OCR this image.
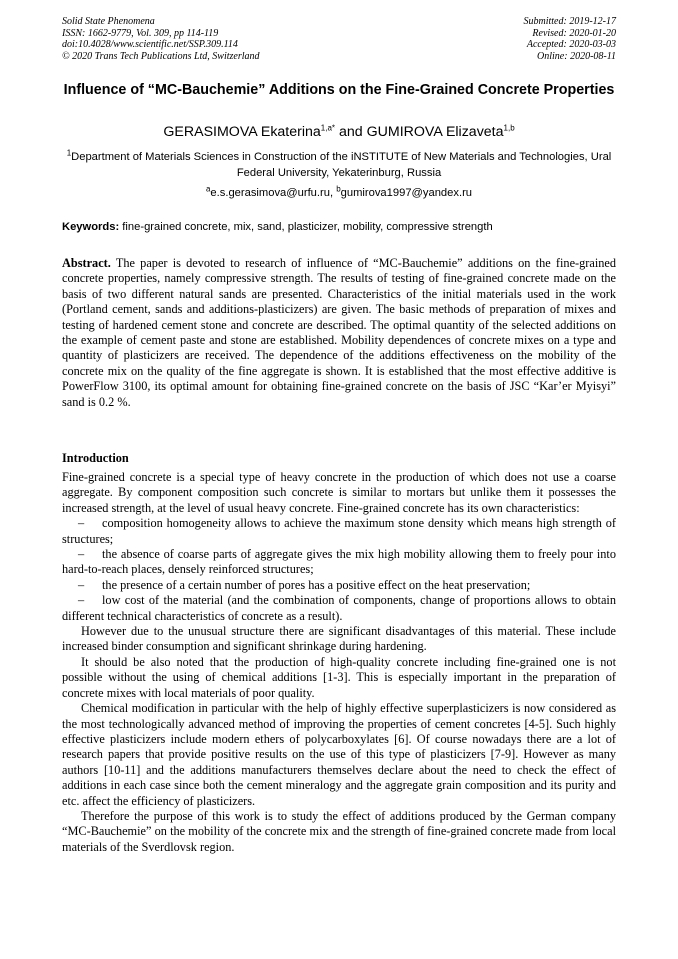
Solid State Phenomena
ISSN: 1662-9779, Vol. 309, pp 114-119
doi:10.4028/www.scientific.net/SSP.309.114
© 2020 Trans Tech Publications Ltd, Switzerland
Submitted: 2019-12-17
Revised: 2020-01-20
Accepted: 2020-03-03
Online: 2020-08-11
Influence of “MC-Bauchemie” Additions on the Fine-Grained Concrete Properties
GERASIMOVA Ekaterina$^{1,a*}$ and GUMIROVA Elizaveta$^{1,b}$
$^1$Department of Materials Sciences in Construction of the iNSTITUTE of New Materials and Technologies, Ural Federal University, Yekaterinburg, Russia
$^a$e.s.gerasimova@urfu.ru, $^b$gumirova1997@yandex.ru
Keywords: fine-grained concrete, mix, sand, plasticizer, mobility, compressive strength

Abstract. The paper is devoted to research of influence of “MC-Bauchemie” additions on the fine-grained concrete properties, namely compressive strength. The results of testing of fine-grained concrete made on the basis of two different natural sands are presented. Characteristics of the initial materials used in the work (Portland cement, sands and additions-plasticizers) are given. The basic methods of preparation of mixes and testing of hardened cement stone and concrete are described. The optimal quantity of the selected additions on the example of cement paste and stone are established. Mobility dependences of concrete mixes on a type and quantity of plasticizers are received. The dependence of the additions effectiveness on the mobility of the concrete mix on the quality of the fine aggregate is shown. It is established that the most effective additive is PowerFlow 3100, its optimal amount for obtaining fine-grained concrete on the basis of JSC “Kar’er Myisyi” sand is 0.2 %.

Introduction

Fine-grained concrete is a special type of heavy concrete in the production of which does not use a coarse aggregate. By component composition such concrete is similar to mortars but unlike them it possesses the increased strength, at the level of usual heavy concrete. Fine-grained concrete has its own characteristics:

– composition homogeneity allows to achieve the maximum stone density which means high strength of structures;

– the absence of coarse parts of aggregate gives the mix high mobility allowing them to freely pour into hard-to-reach places, densely reinforced structures;

– the presence of a certain number of pores has a positive effect on the heat preservation;

– low cost of the material (and the combination of components, change of proportions allows to obtain different technical characteristics of concrete as a result).

However due to the unusual structure there are significant disadvantages of this material. These include increased binder consumption and significant shrinkage during hardening.

It should be also noted that the production of high-quality concrete including fine-grained one is not possible without the using of chemical additions [1-3]. This is especially important in the preparation of concrete mixes with local materials of poor quality.

Chemical modification in particular with the help of highly effective superplasticizers is now considered as the most technologically advanced method of improving the properties of cement concretes [4-5]. Such highly effective plasticizers include modern ethers of polycarboxylates [6]. Of course nowadays there are a lot of research papers that provide positive results on the use of this type of plasticizers [7-9]. However as many authors [10-11] and the additions manufacturers themselves declare about the need to check the effect of additions in each case since both the cement mineralogy and the aggregate grain composition and its purity and etc. affect the efficiency of plasticizers.

Therefore the purpose of this work is to study the effect of additions produced by the German company “MC-Bauchemie” on the mobility of the concrete mix and the strength of fine-grained concrete made from local materials of the Sverdlovsk region.
